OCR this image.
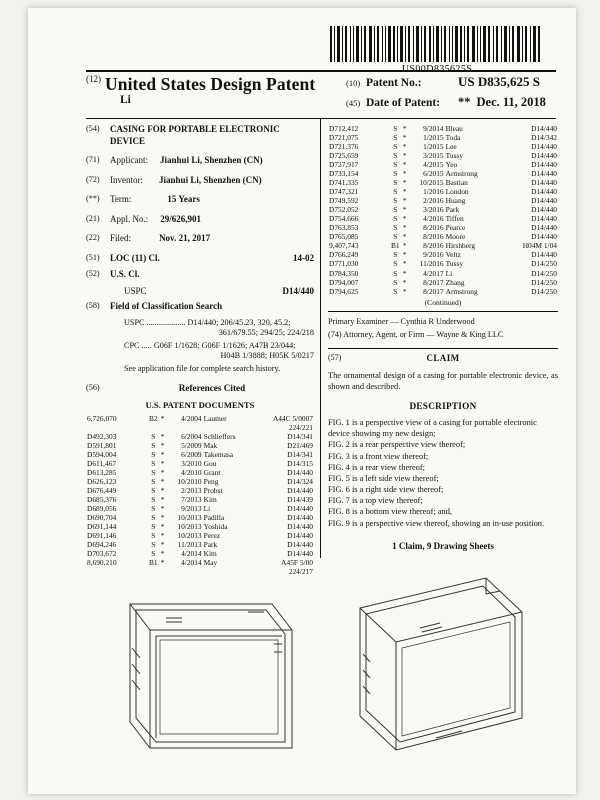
$^{(12)}$ United States Design Patent
Li
(10) Patent No.:	US D835,625 S
(45) Date of Patent:	** Dec. 11, 2018
(54)	CASING FOR PORTABLE ELECTRONIC DEVICE
(71)	Applicant: Jianhui Li, Shenzhen (CN)
(72)	Inventor: Jianhui Li, Shenzhen (CN)
(**)	Term:	15 Years
(21)	Appl. No.: 29/626,901
(22)	Filed:	Nov. 21, 2017
(51)	LOC (11) Cl.	14-02
(52)	U.S. Cl.
USPC	D14/440
(58)	Field of Classification Search
USPC ................... D14/440; 206/45.23, 320, 45.2;
361/679.55; 294/25; 224/218
CPC ..... G06F 1/1628; G06F 1/1626; A47B 23/044;
H04B 1/3888; H05K 5/0217
See application file for complete search history.
(56)	References Cited
U.S. PATENT DOCUMENTS
6,726,070	B2	*	4/2004	Lautner	A44C 5/0007
					224/221
D492,303	S	*	6/2004	Schlieffers	D14/341
D591,801	S	*	5/2009	Mak	D21/469
D594,004	S	*	6/2009	Takemasa	D14/341
D611,467	S	*	3/2010	Gou	D14/315
D613,285	S	*	4/2010	Grant	D14/440
D626,123	S	*	10/2010	Peng	D14/324
D676,449	S	*	2/2013	Probst	D14/440
D685,376	S	*	7/2013	Kim	D14/439
D689,056	S	*	9/2013	Li	D14/440
D690,704	S	*	10/2013	Padilla	D14/440
D691,144	S	*	10/2013	Yoshida	D14/440
D691,146	S	*	10/2013	Perez	D14/440
D694,246	S	*	11/2013	Park	D14/440
D703,672	S	*	4/2014	Kim	D14/440
8,690,210	B1	*	4/2014	May	A45F 5/00
					224/217
D712,412	S	*	9/2014	Bleau	D14/440
D721,075	S	*	1/2015	Toda	D14/342
D721,376	S	*	1/2015	Lee	D14/440
D725,659	S	*	3/2015	Tussy	D14/440
D727,917	S	*	4/2015	Yeo	D14/440
D733,154	S	*	6/2015	Armstrong	D14/440
D741,335	S	*	10/2015	Bastian	D14/440
D747,321	S	*	1/2016	London	D14/440
D749,592	S	*	2/2016	Huang	D14/440
D752,052	S	*	3/2016	Park	D14/440
D754,666	S	*	4/2016	Tiffen	D14/440
D763,853	S	*	8/2016	Pearce	D14/440
D765,085	S	*	8/2016	Moore	D14/440
9,407,743	B1	*	8/2016	Hirshberg	H04M 1/04
D766,249	S	*	9/2016	Veltz	D14/440
D771,030	S	*	11/2016	Tussy	D14/250
D784,350	S	*	4/2017	Li	D14/250
D794,007	S	*	8/2017	Zhang	D14/250
D794,625	S	*	8/2017	Armstrong	D14/250
(Continued)
Primary Examiner — Cynthia R Underwood
(74) Attorney, Agent, or Firm — Wayne & King LLC
(57)	CLAIM
The ornamental design of a casing for portable electronic device, as shown and described.
DESCRIPTION
FIG. 1 is a perspective view of a casing for portable electronic device showing my new design;
FIG. 2 is a rear perspective view thereof;
FIG. 3 is a front view thereof;
FIG. 4 is a rear view thereof;
FIG. 5 is a left side view thereof;
FIG. 6 is a right side view thereof;
FIG. 7 is a top view thereof;
FIG. 8 is a bottom view thereof; and,
FIG. 9 is a perspective view thereof, showing an in-use position.
1 Claim, 9 Drawing Sheets
